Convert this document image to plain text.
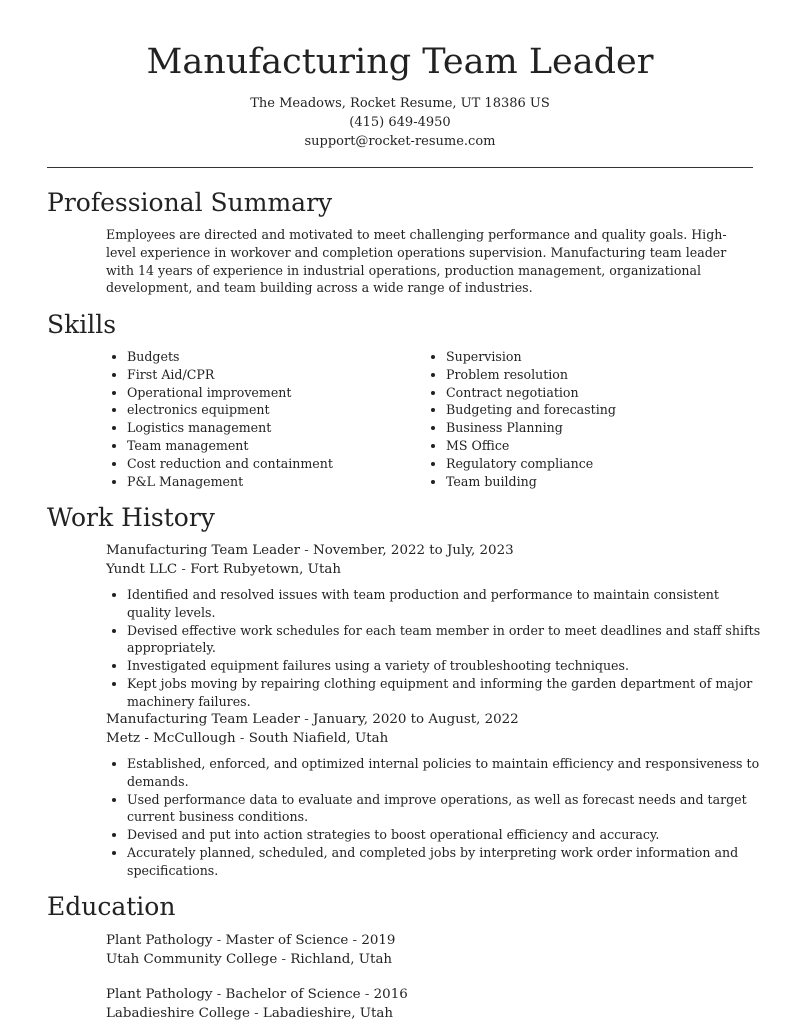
Manufacturing Team Leader
The Meadows, Rocket Resume, UT 18386 US
(415) 649-4950
support@rocket-resume.com
Professional Summary

Employees are directed and motivated to meet challenging performance and quality goals. High-level experience in workover and completion operations supervision. Manufacturing team leader with 14 years of experience in industrial operations, production management, organizational development, and team building across a wide range of industries.

Skills
• Budgets
• First Aid/CPR
• Operational improvement
• electronics equipment
• Logistics management
• Team management
• Cost reduction and containment
• P&L Management
• Supervision
• Problem resolution
• Contract negotiation
• Budgeting and forecasting
• Business Planning
• MS Office
• Regulatory compliance
• Team building
Work History
Manufacturing Team Leader - November, 2022 to July, 2023
Yundt LLC - Fort Rubyetown, Utah
• Identified and resolved issues with team production and performance to maintain consistent quality levels.
• Devised effective work schedules for each team member in order to meet deadlines and staff shifts appropriately.
• Investigated equipment failures using a variety of troubleshooting techniques.
• Kept jobs moving by repairing clothing equipment and informing the garden department of major machinery failures.
Manufacturing Team Leader - January, 2020 to August, 2022
Metz - McCullough - South Niafield, Utah
• Established, enforced, and optimized internal policies to maintain efficiency and responsiveness to demands.
• Used performance data to evaluate and improve operations, as well as forecast needs and target current business conditions.
• Devised and put into action strategies to boost operational efficiency and accuracy.
• Accurately planned, scheduled, and completed jobs by interpreting work order information and specifications.
Education
Plant Pathology - Master of Science - 2019
Utah Community College - Richland, Utah
Plant Pathology - Bachelor of Science - 2016
Labadieshire College - Labadieshire, Utah
